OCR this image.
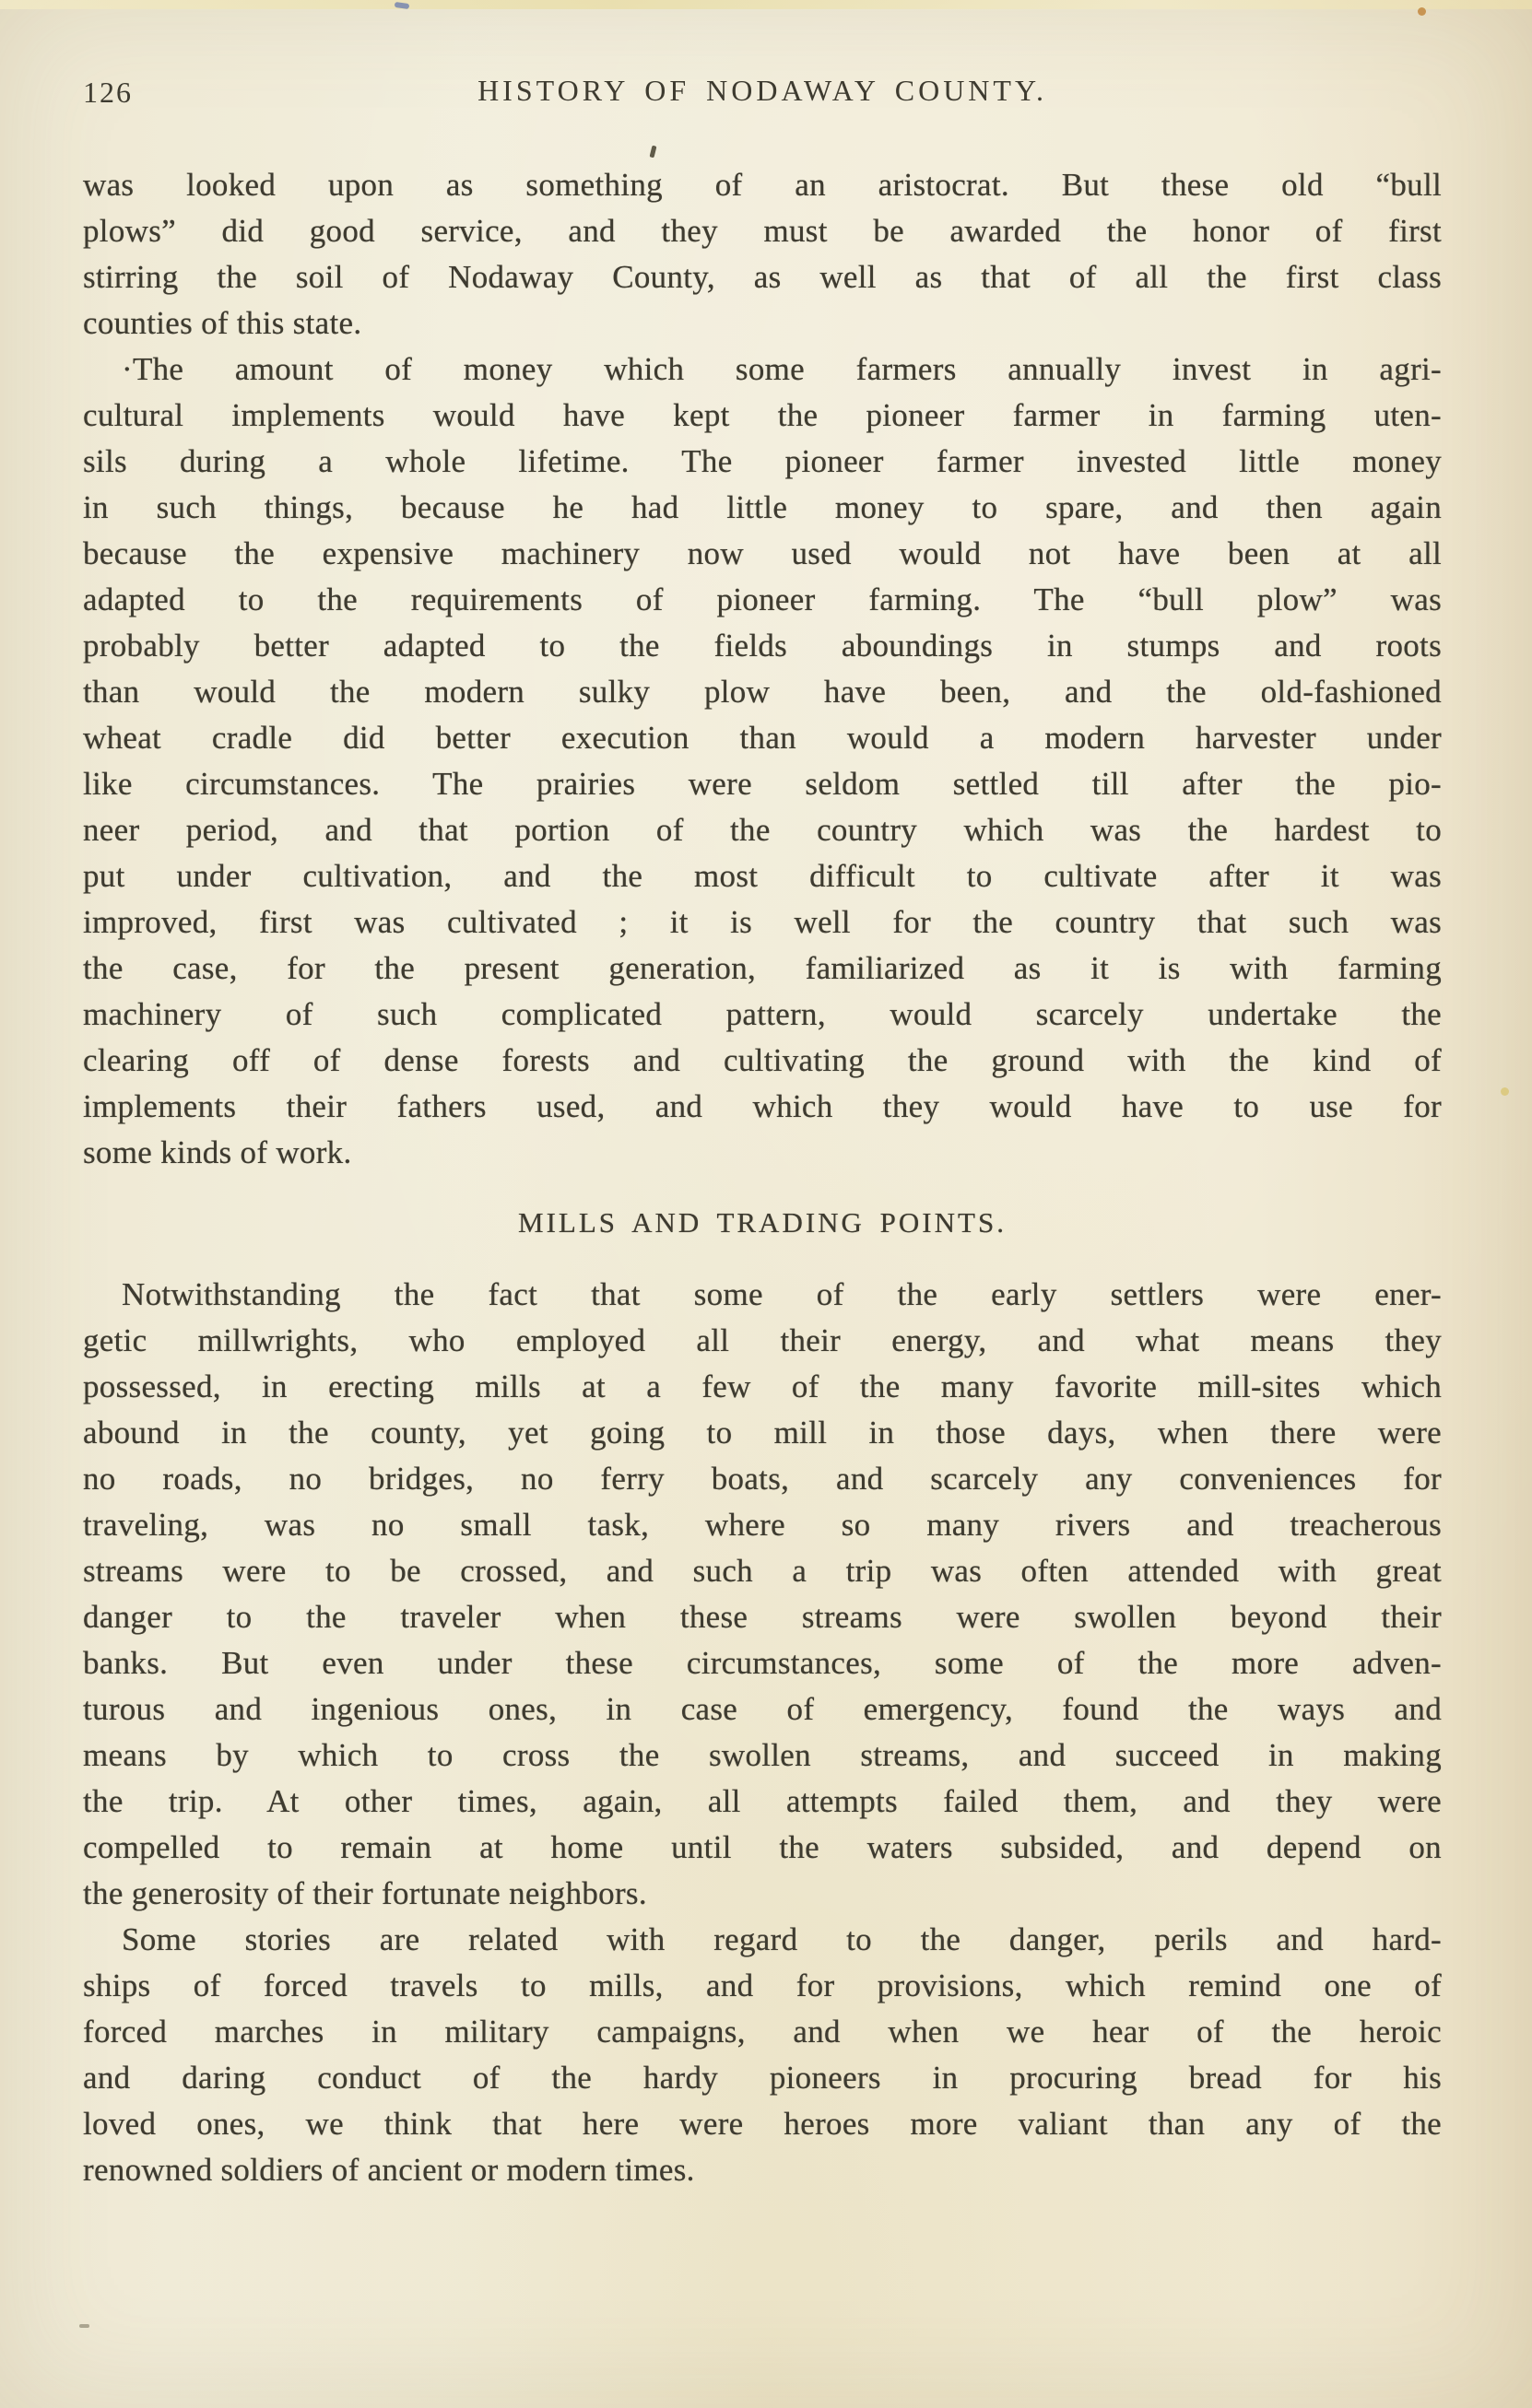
126	HISTORY OF NODAWAY COUNTY.
was looked upon as something of an aristocrat. But these old “bull
plows” did good service, and they must be awarded the honor of first
stirring the soil of Nodaway County, as well as that of all the first class
counties of this state.
·The amount of money which some farmers annually invest in agri-
cultural implements would have kept the pioneer farmer in farming uten-
sils during a whole lifetime. The pioneer farmer invested little money
in such things, because he had little money to spare, and then again
because the expensive machinery now used would not have been at all
adapted to the requirements of pioneer farming. The “bull plow” was
probably better adapted to the fields aboundings in stumps and roots
than would the modern sulky plow have been, and the old-fashioned
wheat cradle did better execution than would a modern harvester under
like circumstances. The prairies were seldom settled till after the pio-
neer period, and that portion of the country which was the hardest to
put under cultivation, and the most difficult to cultivate after it was
improved, first was cultivated ; it is well for the country that such was
the case, for the present generation, familiarized as it is with farming
machinery of such complicated pattern, would scarcely undertake the
clearing off of dense forests and cultivating the ground with the kind of
implements their fathers used, and which they would have to use for
some kinds of work.
MILLS AND TRADING POINTS.
Notwithstanding the fact that some of the early settlers were ener-
getic millwrights, who employed all their energy, and what means they
possessed, in erecting mills at a few of the many favorite mill-sites which
abound in the county, yet going to mill in those days, when there were
no roads, no bridges, no ferry boats, and scarcely any conveniences for
traveling, was no small task, where so many rivers and treacherous
streams were to be crossed, and such a trip was often attended with great
danger to the traveler when these streams were swollen beyond their
banks. But even under these circumstances, some of the more adven-
turous and ingenious ones, in case of emergency, found the ways and
means by which to cross the swollen streams, and succeed in making
the trip. At other times, again, all attempts failed them, and they were
compelled to remain at home until the waters subsided, and depend on
the generosity of their fortunate neighbors.
Some stories are related with regard to the danger, perils and hard-
ships of forced travels to mills, and for provisions, which remind one of
forced marches in military campaigns, and when we hear of the heroic
and daring conduct of the hardy pioneers in procuring bread for his
loved ones, we think that here were heroes more valiant than any of the
renowned soldiers of ancient or modern times.
